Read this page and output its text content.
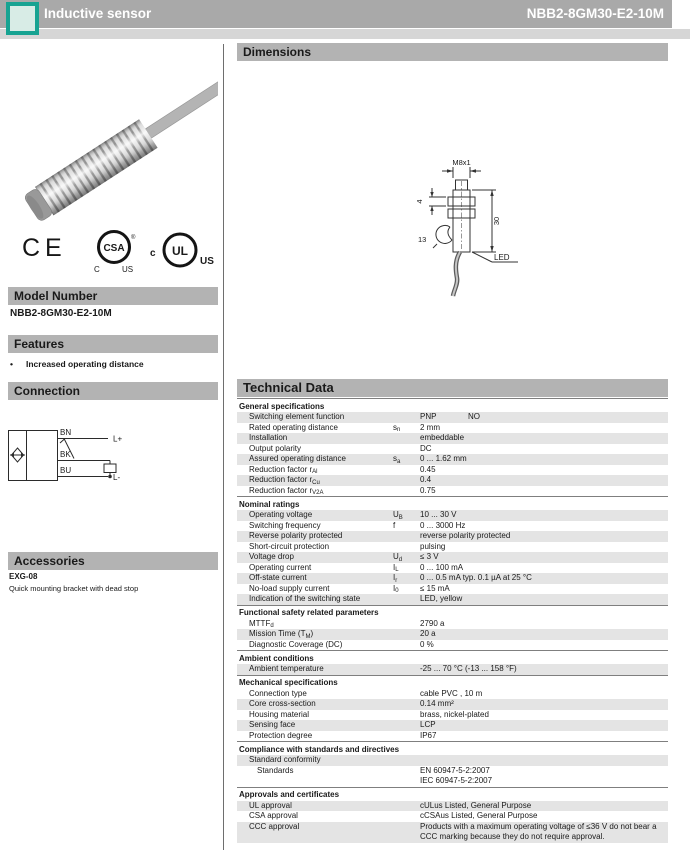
Inductive sensor	NBB2-8GM30-E2-10M
CE	CSA
®
C	US
c UL
US
Model Number
NBB2-8GM30-E2-10M
Features
• Increased operating distance
Connection
BN
BK
BU
L+
L-
Accessories
EXG-08
Quick mounting bracket with dead stop
Dimensions
M8x1
4
30
13
LED
Technical Data
General specifications
Switching element function	PNP	NO
Rated operating distance	sn 2 mm
Installation	embeddable
Output polarity	DC
Assured operating distance	sa 0 ... 1.62 mm
Reduction factor rAl	0.45
Reduction factor rCu	0.4
Reduction factor rV2A	0.75
Nominal ratings
Operating voltage	UB 10 ... 30 V
Switching frequency	f	0 ... 3000 Hz
Reverse polarity protected	reverse polarity protected
Short-circuit protection	pulsing
Voltage drop	Ud ≤ 3 V
Operating current	IL	0 ... 100 mA
Off-state current	Ir	0 ... 0.5 mA typ. 0.1 µA at 25 °C
No-load supply current	I0	≤ 15 mA
Indication of the switching state	LED, yellow
Functional safety related parameters
MTTFd	2790 a
Mission Time (TM)	20 a
Diagnostic Coverage (DC)	0 %
Ambient conditions
Ambient temperature	-25 ... 70 °C (-13 ... 158 °F)
Mechanical specifications
Connection type	cable PVC , 10 m
Core cross-section	0.14 mm²
Housing material	brass, nickel-plated
Sensing face	LCP
Protection degree	IP67
Compliance with standards and directives
Standard conformity
Standards	EN 60947-5-2:2007
IEC 60947-5-2:2007
Approvals and certificates
UL approval	cULus Listed, General Purpose
CSA approval	cCSAus Listed, General Purpose
CCC approval	Products with a maximum operating voltage of ≤36 V do not bear a
CCC marking because they do not require approval.
